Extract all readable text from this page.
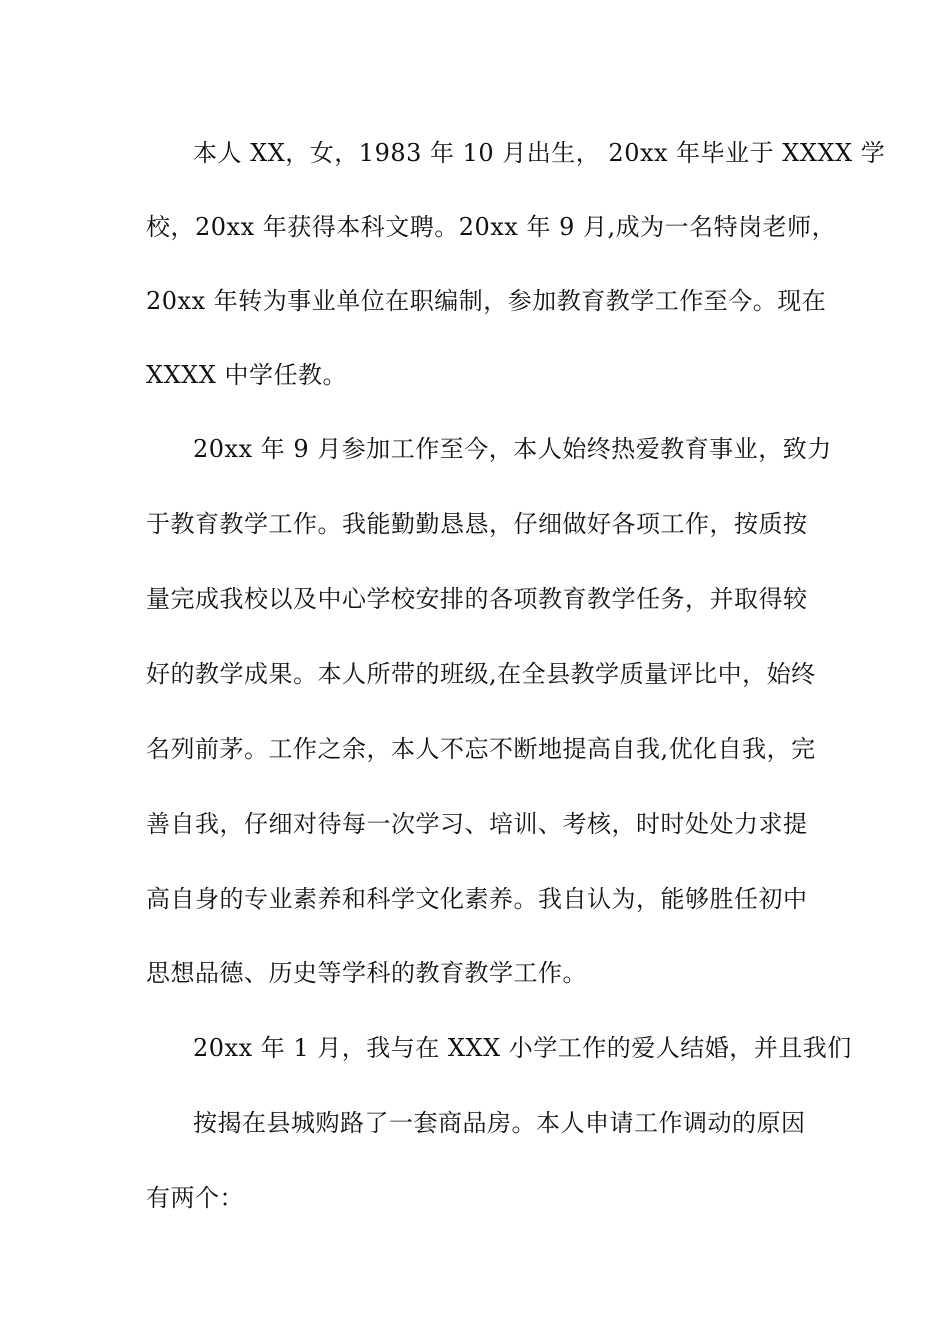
本人 XX，女，1983 年 10 月出生， 20xx 年毕业于 XXXX 学
校，20xx 年获得本科文聘。20xx 年 9 月,成为一名特岗老师，
20xx 年转为事业单位在职编制，参加教育教学工作至今。现在
XXXX 中学任教。
20xx 年 9 月参加工作至今，本人始终热爱教育事业，致力
于教育教学工作。我能勤勤恳恳，仔细做好各项工作，按质按
量完成我校以及中心学校安排的各项教育教学任务，并取得较
好的教学成果。本人所带的班级,在全县教学质量评比中，始终
名列前茅。工作之余，本人不忘不断地提高自我,优化自我，完
善自我，仔细对待每一次学习、培训、考核，时时处处力求提
高自身的专业素养和科学文化素养。我自认为，能够胜任初中
思想品德、历史等学科的教育教学工作。
20xx 年 1 月，我与在 XXX 小学工作的爱人结婚，并且我们
按揭在县城购路了一套商品房。本人申请工作调动的原因
有两个：
